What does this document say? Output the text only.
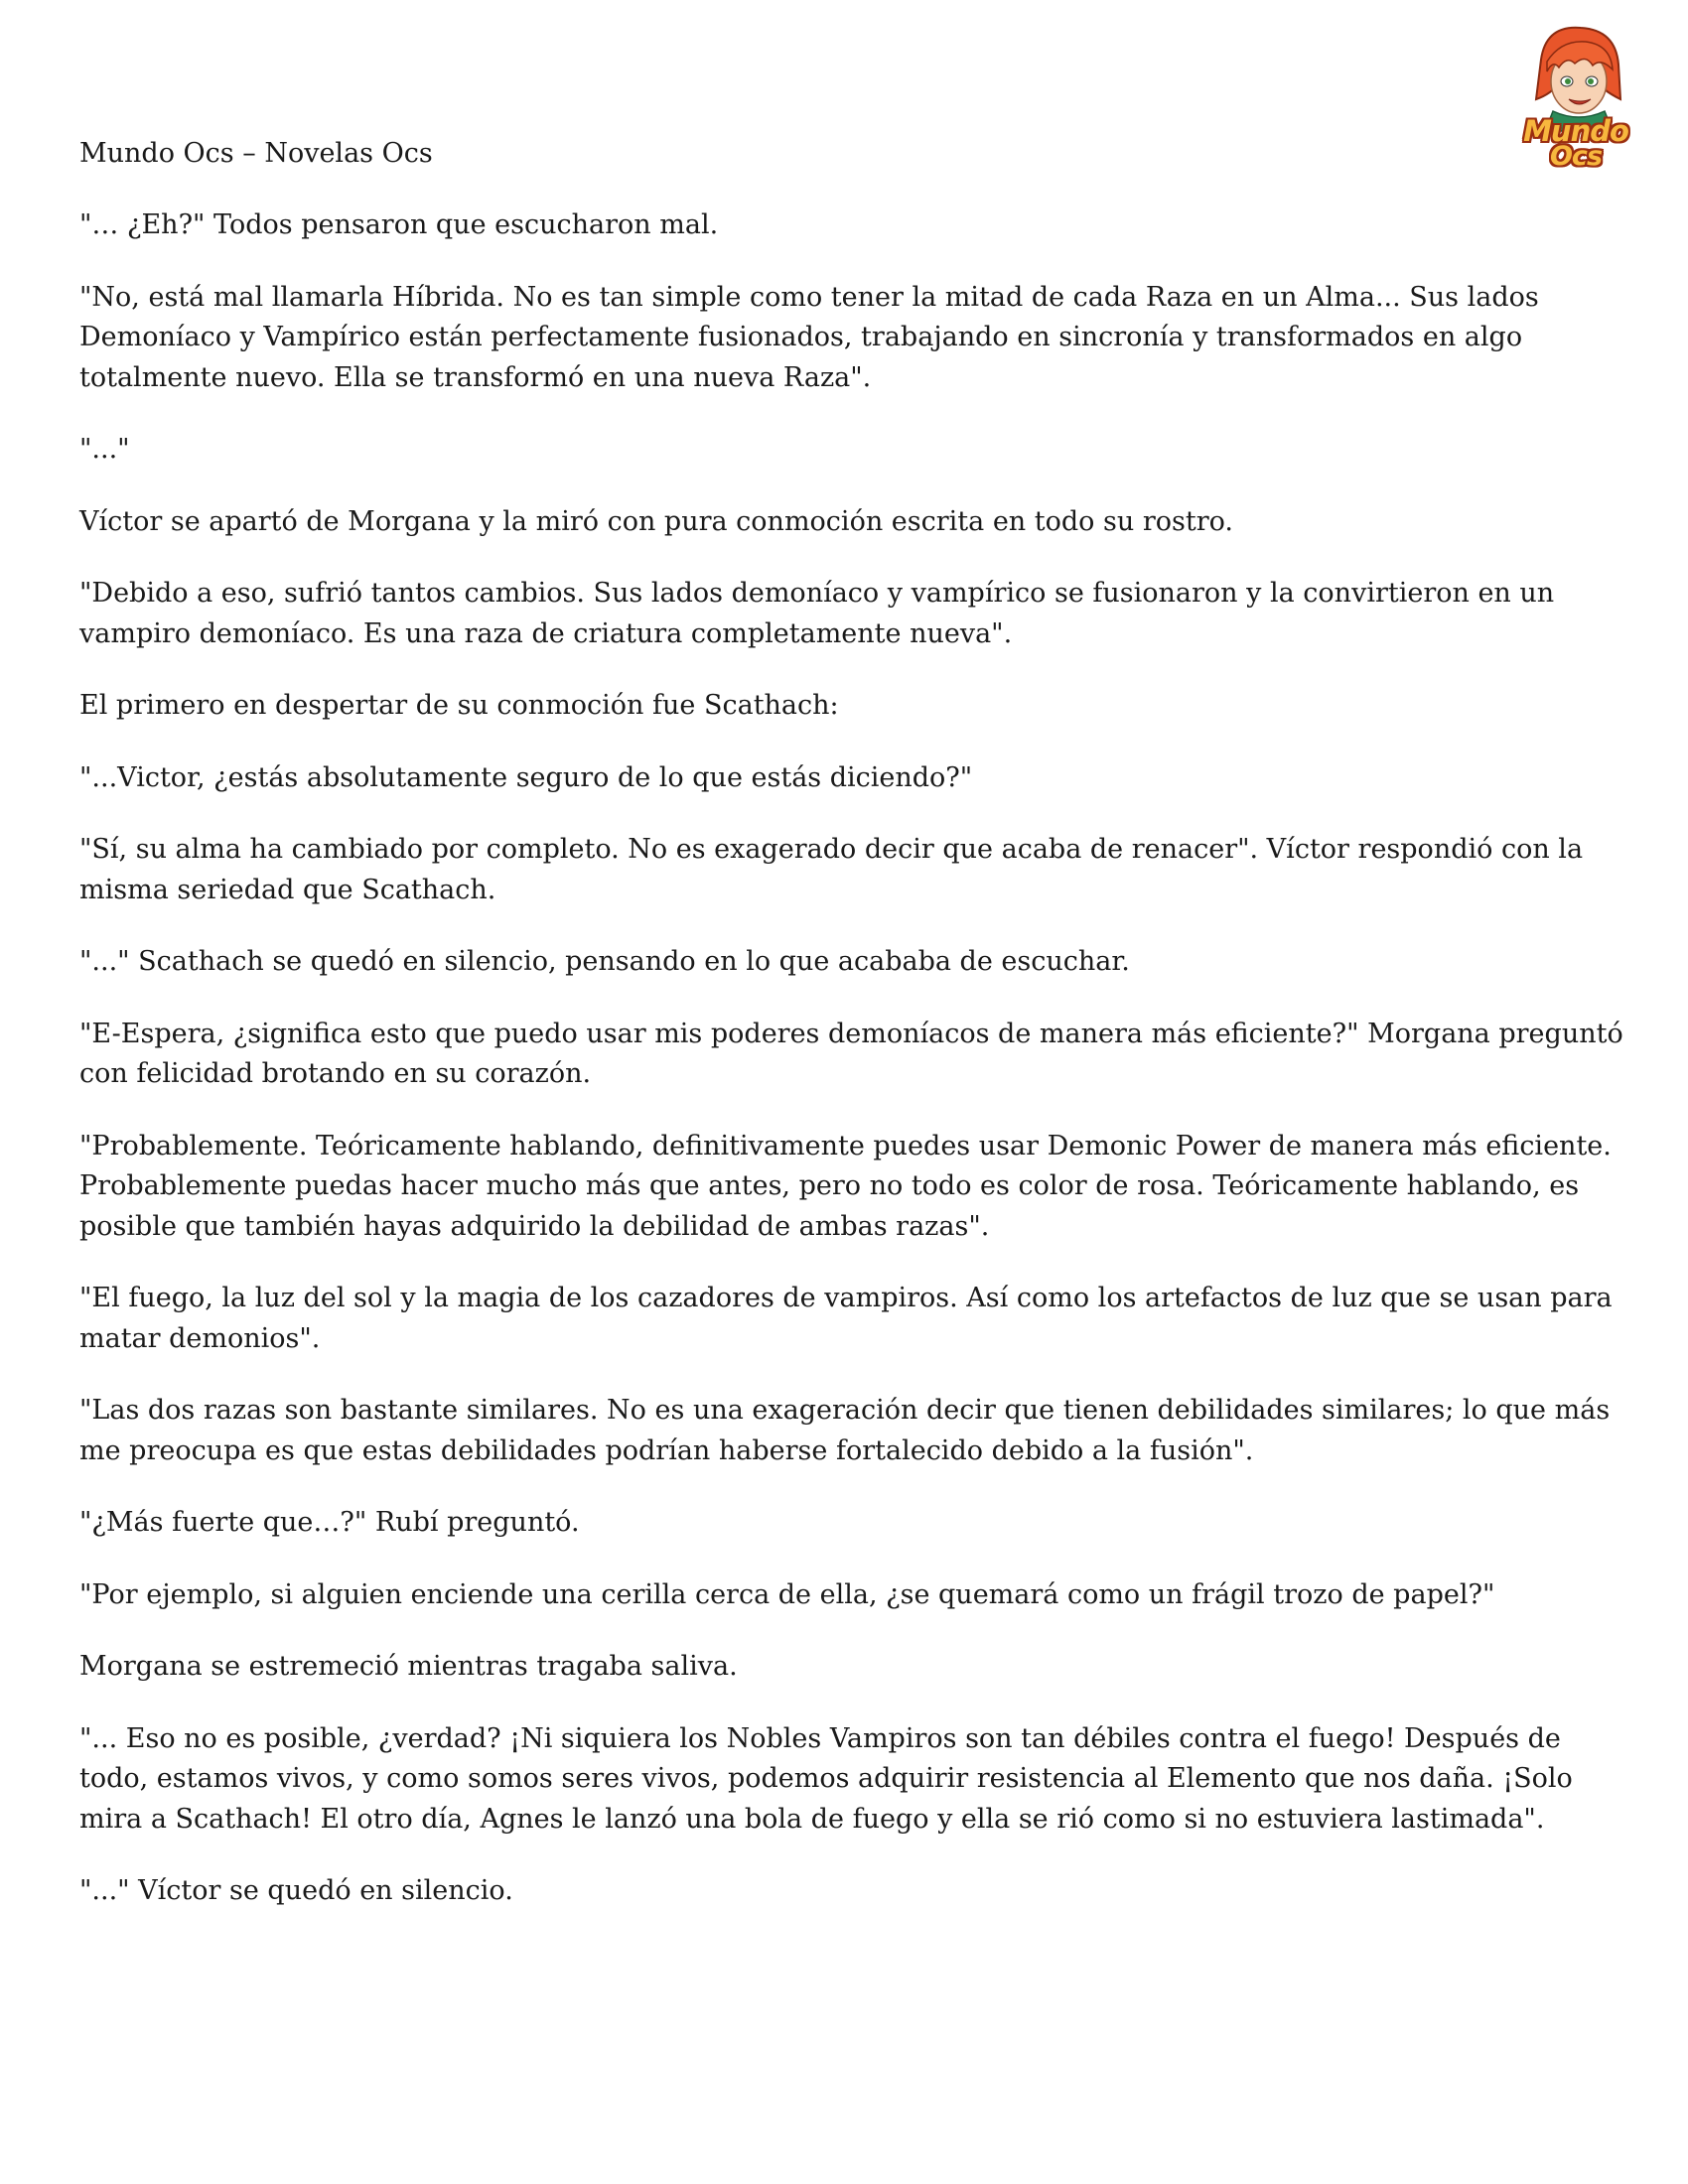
Mundo
Ocs

Mundo Ocs – Novelas Ocs

"… ¿Eh?" Todos pensaron que escucharon mal.

"No, está mal llamarla Híbrida. No es tan simple como tener la mitad de cada Raza en un Alma... Sus lados Demoníaco y Vampírico están perfectamente fusionados, trabajando en sincronía y transformados en algo totalmente nuevo. Ella se transformó en una nueva Raza".

"..."

Víctor se apartó de Morgana y la miró con pura conmoción escrita en todo su rostro.

"Debido a eso, sufrió tantos cambios. Sus lados demoníaco y vampírico se fusionaron y la convirtieron en un vampiro demoníaco. Es una raza de criatura completamente nueva".

El primero en despertar de su conmoción fue Scathach:

"...Victor, ¿estás absolutamente seguro de lo que estás diciendo?"

"Sí, su alma ha cambiado por completo. No es exagerado decir que acaba de renacer". Víctor respondió con la misma seriedad que Scathach.

"..." Scathach se quedó en silencio, pensando en lo que acababa de escuchar.

"E-Espera, ¿significa esto que puedo usar mis poderes demoníacos de manera más eficiente?" Morgana preguntó con felicidad brotando en su corazón.

"Probablemente. Teóricamente hablando, definitivamente puedes usar Demonic Power de manera más eficiente. Probablemente puedas hacer mucho más que antes, pero no todo es color de rosa. Teóricamente hablando, es posible que también hayas adquirido la debilidad de ambas razas".

"El fuego, la luz del sol y la magia de los cazadores de vampiros. Así como los artefactos de luz que se usan para matar demonios".

"Las dos razas son bastante similares. No es una exageración decir que tienen debilidades similares; lo que más me preocupa es que estas debilidades podrían haberse fortalecido debido a la fusión".

"¿Más fuerte que…?" Rubí preguntó.

"Por ejemplo, si alguien enciende una cerilla cerca de ella, ¿se quemará como un frágil trozo de papel?"

Morgana se estremeció mientras tragaba saliva.

"... Eso no es posible, ¿verdad? ¡Ni siquiera los Nobles Vampiros son tan débiles contra el fuego! Después de todo, estamos vivos, y como somos seres vivos, podemos adquirir resistencia al Elemento que nos daña. ¡Solo mira a Scathach! El otro día, Agnes le lanzó una bola de fuego y ella se rió como si no estuviera lastimada".

"..." Víctor se quedó en silencio.
